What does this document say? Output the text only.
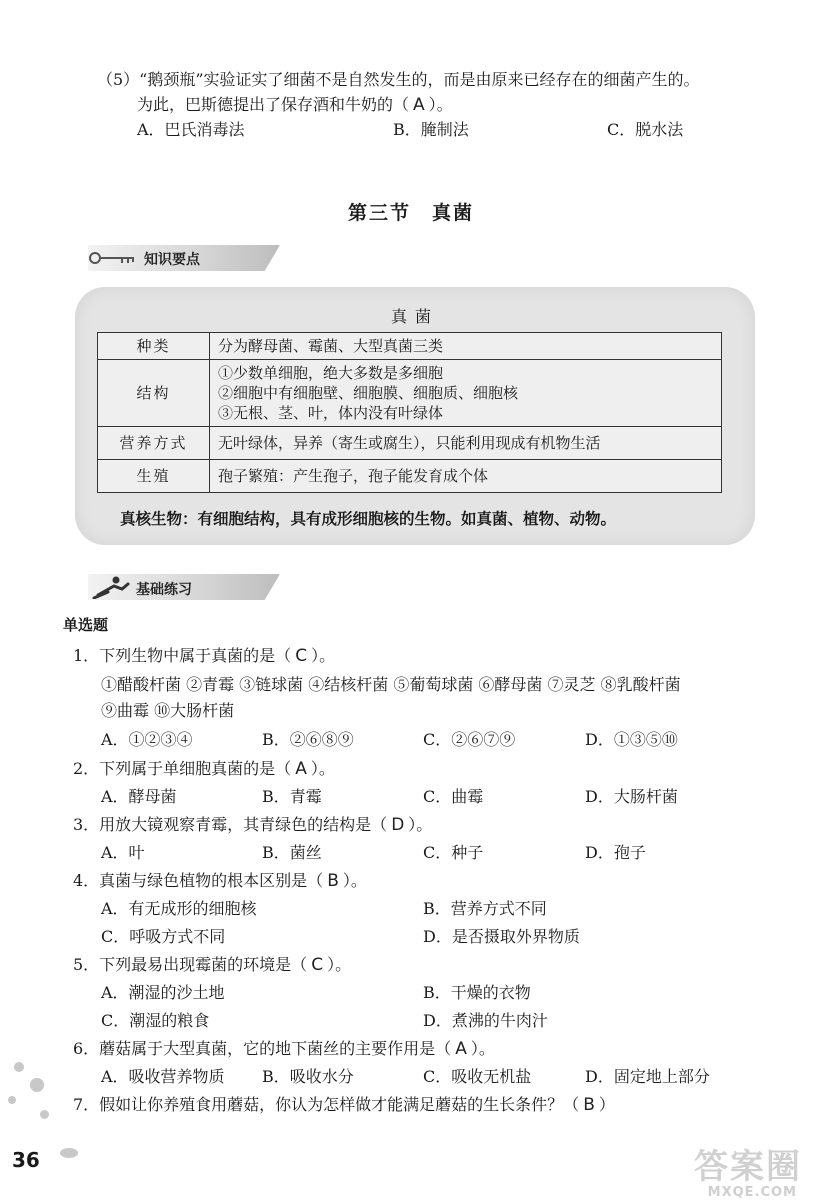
（5）“鹅颈瓶”实验证实了细菌不是自然发生的，而是由原来已经存在的细菌产生的。
为此，巴斯德提出了保存酒和牛奶的（ A ）。
A．巴氏消毒法	B．腌制法	C．脱水法
第三节　真菌
知识要点
真菌
种类	分为酵母菌、霉菌、大型真菌三类

结构	①少数单细胞，绝大多数是多细胞
②细胞中有细胞壁、细胞膜、细胞质、细胞核
③无根、茎、叶，体内没有叶绿体

营养方式	无叶绿体，异养（寄生或腐生），只能利用现成有机物生活

生殖	孢子繁殖：产生孢子，孢子能发育成个体
真核生物：有细胞结构，具有成形细胞核的生物。如真菌、植物、动物。
基础练习
单选题
1．下列生物中属于真菌的是（ C ）。
①醋酸杆菌 ②青霉 ③链球菌 ④结核杆菌 ⑤葡萄球菌 ⑥酵母菌 ⑦灵芝 ⑧乳酸杆菌
⑨曲霉 ⑩大肠杆菌
A．①②③④	B．②⑥⑧⑨	C．②⑥⑦⑨	D．①③⑤⑩
2．下列属于单细胞真菌的是（ A ）。
A．酵母菌	B．青霉	C．曲霉	D．大肠杆菌
3．用放大镜观察青霉，其青绿色的结构是（ D ）。
A．叶	B．菌丝	C．种子	D．孢子
4．真菌与绿色植物的根本区别是（ B ）。
A．有无成形的细胞核	B．营养方式不同
C．呼吸方式不同	D．是否摄取外界物质
5．下列最易出现霉菌的环境是（ C ）。
A．潮湿的沙土地	B．干燥的衣物
C．潮湿的粮食	D．煮沸的牛肉汁
6．蘑菇属于大型真菌，它的地下菌丝的主要作用是（ A ）。
A．吸收营养物质 B．吸收水分	C．吸收无机盐	D．固定地上部分
7．假如让你养殖食用蘑菇，你认为怎样做才能满足蘑菇的生长条件？（ B ）
36	答案圈
MXQE.COM
